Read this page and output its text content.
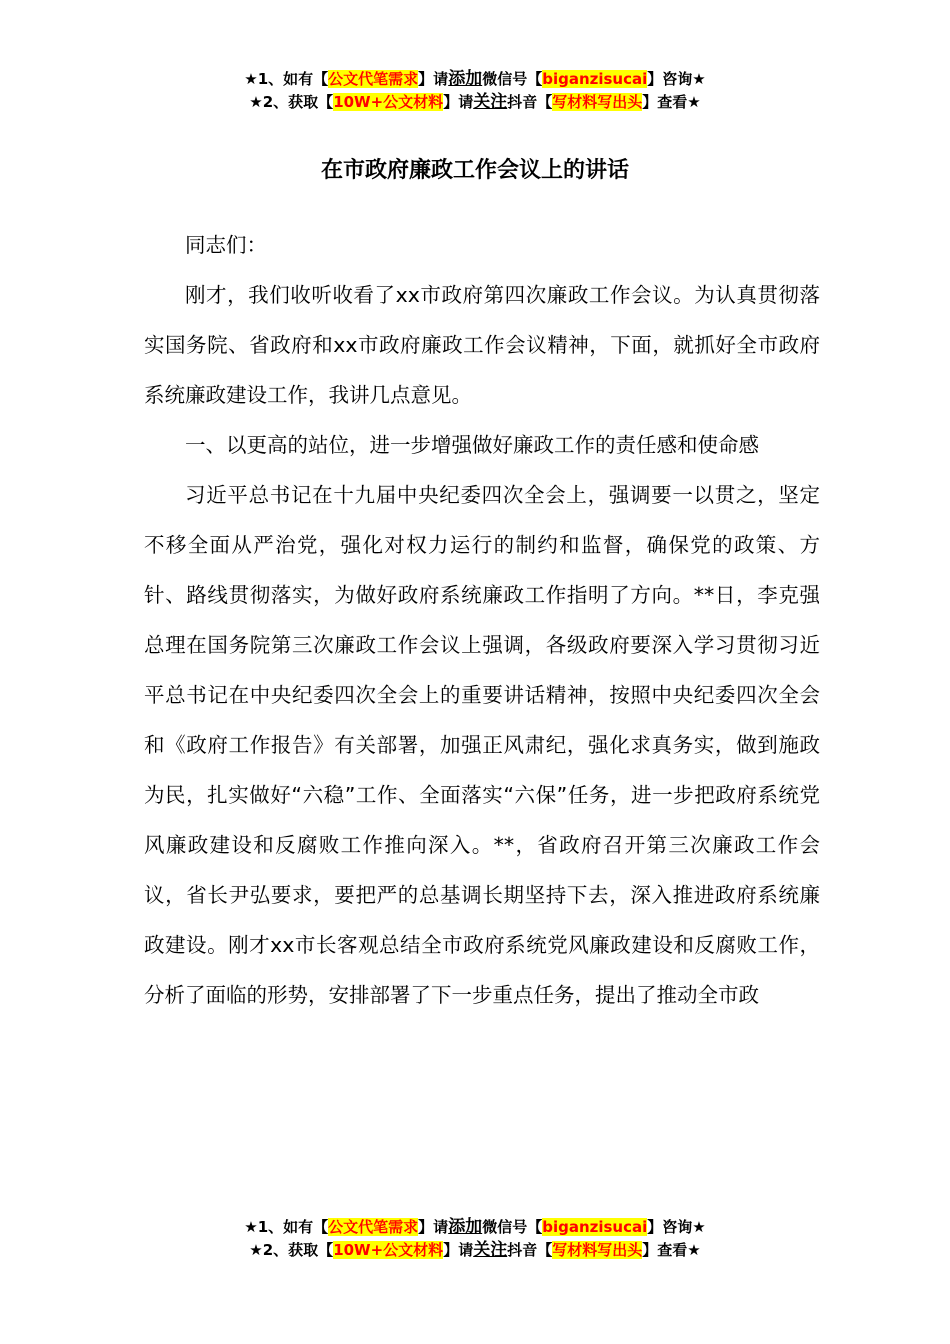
★1、如有【公文代笔需求】请添加微信号【biganzisucai】咨询★
★2、获取【10W+公文材料】请关注抖音【写材料写出头】查看★
在市政府廉政工作会议上的讲话

同志们：

刚才，我们收听收看了xx市政府第四次廉政工作会议。为认真贯彻落实国务院、省政府和xx市政府廉政工作会议精神，下面，就抓好全市政府系统廉政建设工作，我讲几点意见。

一、以更高的站位，进一步增强做好廉政工作的责任感和使命感

习近平总书记在十九届中央纪委四次全会上，强调要一以贯之，坚定不移全面从严治党，强化对权力运行的制约和监督，确保党的政策、方针、路线贯彻落实，为做好政府系统廉政工作指明了方向。**日，李克强总理在国务院第三次廉政工作会议上强调，各级政府要深入学习贯彻习近平总书记在中央纪委四次全会上的重要讲话精神，按照中央纪委四次全会和《政府工作报告》有关部署，加强正风肃纪，强化求真务实，做到施政为民，扎实做好“六稳”工作、全面落实“六保”任务，进一步把政府系统党风廉政建设和反腐败工作推向深入。**，省政府召开第三次廉政工作会议，省长尹弘要求，要把严的总基调长期坚持下去，深入推进政府系统廉政建设。刚才xx市长客观总结全市政府系统党风廉政建设和反腐败工作，分析了面临的形势，安排部署了下一步重点任务，提出了推动全市政

★1、如有【公文代笔需求】请添加微信号【biganzisucai】咨询★
★2、获取【10W+公文材料】请关注抖音【写材料写出头】查看★
